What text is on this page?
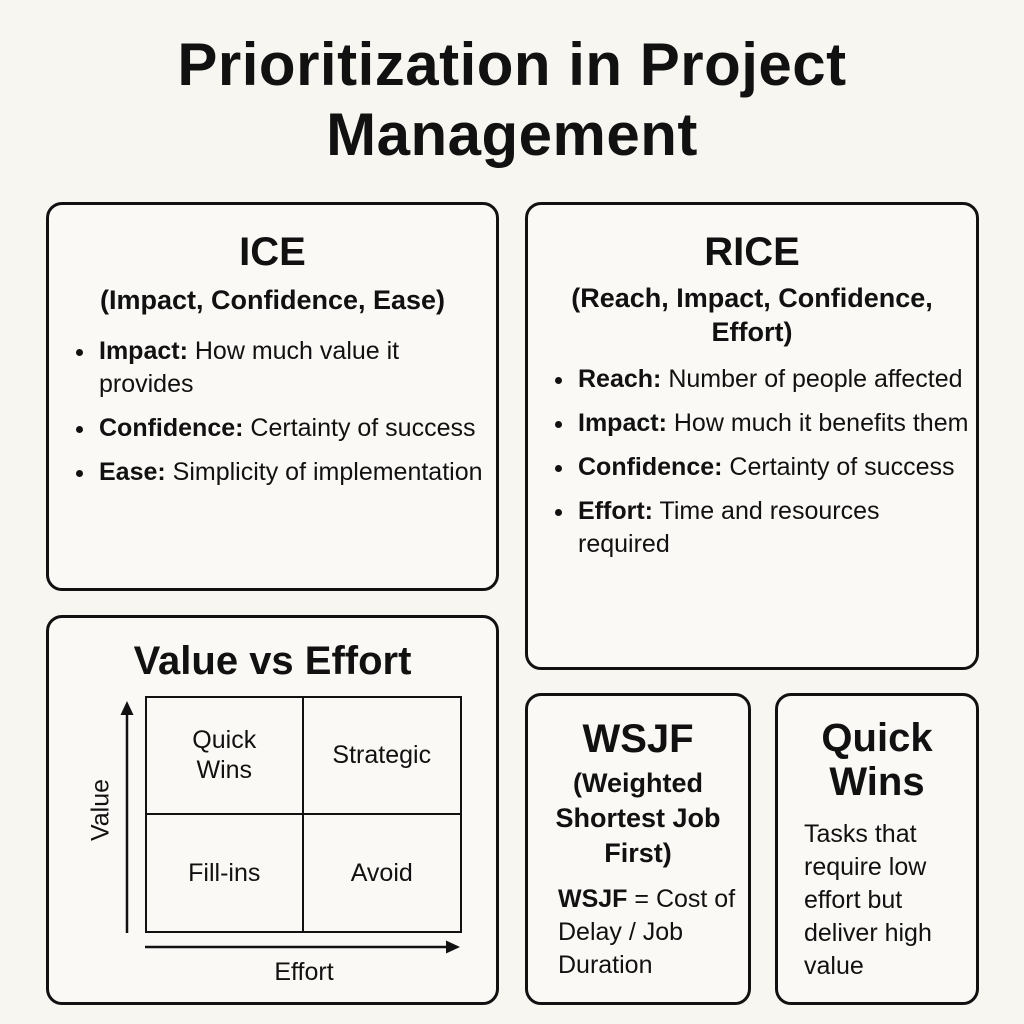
Prioritization in Project Management
ICE

(Impact, Confidence, Ease)

Impact: How much value it provides
Confidence: Certainty of success
Ease: Simplicity of implementation
RICE

(Reach, Impact, Confidence, Effort)

Reach: Number of people affected
Impact: How much it benefits them
Confidence: Certainty of success
Effort: Time and resources required
Value vs Effort
Quick Wins
Strategic
Fill-ins	Avoid
Value
Effort
WSJF

(Weighted Shortest Job First)

WSJF = Cost of Delay / Job Duration

Quick Wins

Tasks that require low effort but deliver high value
